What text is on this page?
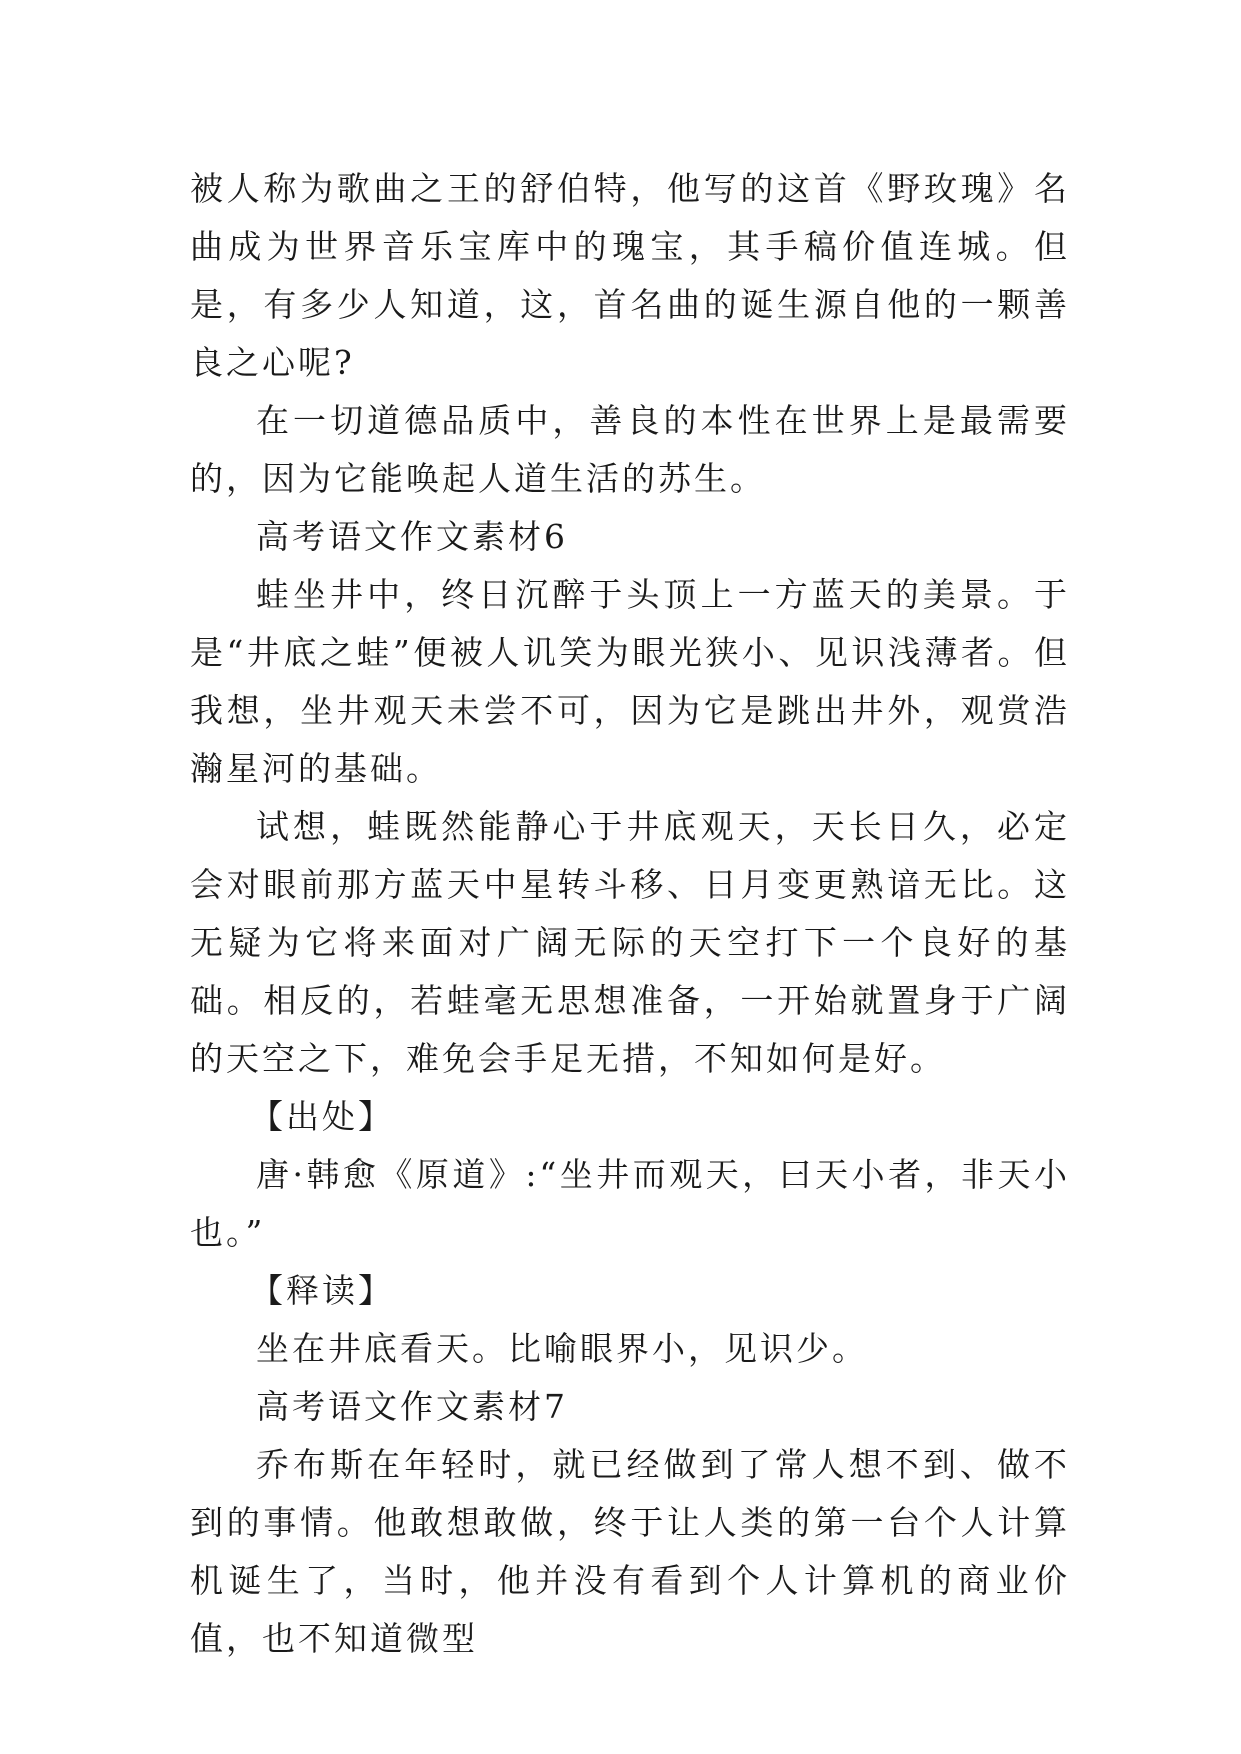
被人称为歌曲之王的舒伯特，他写的这首《野玫瑰》名曲成为世界音乐宝库中的瑰宝，其手稿价值连城。但是，有多少人知道，这，首名曲的诞生源自他的一颗善良之心呢?

在一切道德品质中，善良的本性在世界上是最需要的，因为它能唤起人道生活的苏生。

高考语文作文素材6

蛙坐井中，终日沉醉于头顶上一方蓝天的美景。于是“井底之蛙”便被人讥笑为眼光狭小、见识浅薄者。但我想，坐井观天未尝不可，因为它是跳出井外，观赏浩瀚星河的基础。

试想，蛙既然能静心于井底观天，天长日久，必定会对眼前那方蓝天中星转斗移、日月变更熟谙无比。这无疑为它将来面对广阔无际的天空打下一个良好的基础。相反的，若蛙毫无思想准备，一开始就置身于广阔的天空之下，难免会手足无措，不知如何是好。

【出处】

唐·韩愈《原道》:“坐井而观天，曰天小者，非天小也。”

【释读】

坐在井底看天。比喻眼界小，见识少。

高考语文作文素材7

乔布斯在年轻时，就已经做到了常人想不到、做不到的事情。他敢想敢做，终于让人类的第一台个人计算机诞生了，当时，他并没有看到个人计算机的商业价值，也不知道微型
